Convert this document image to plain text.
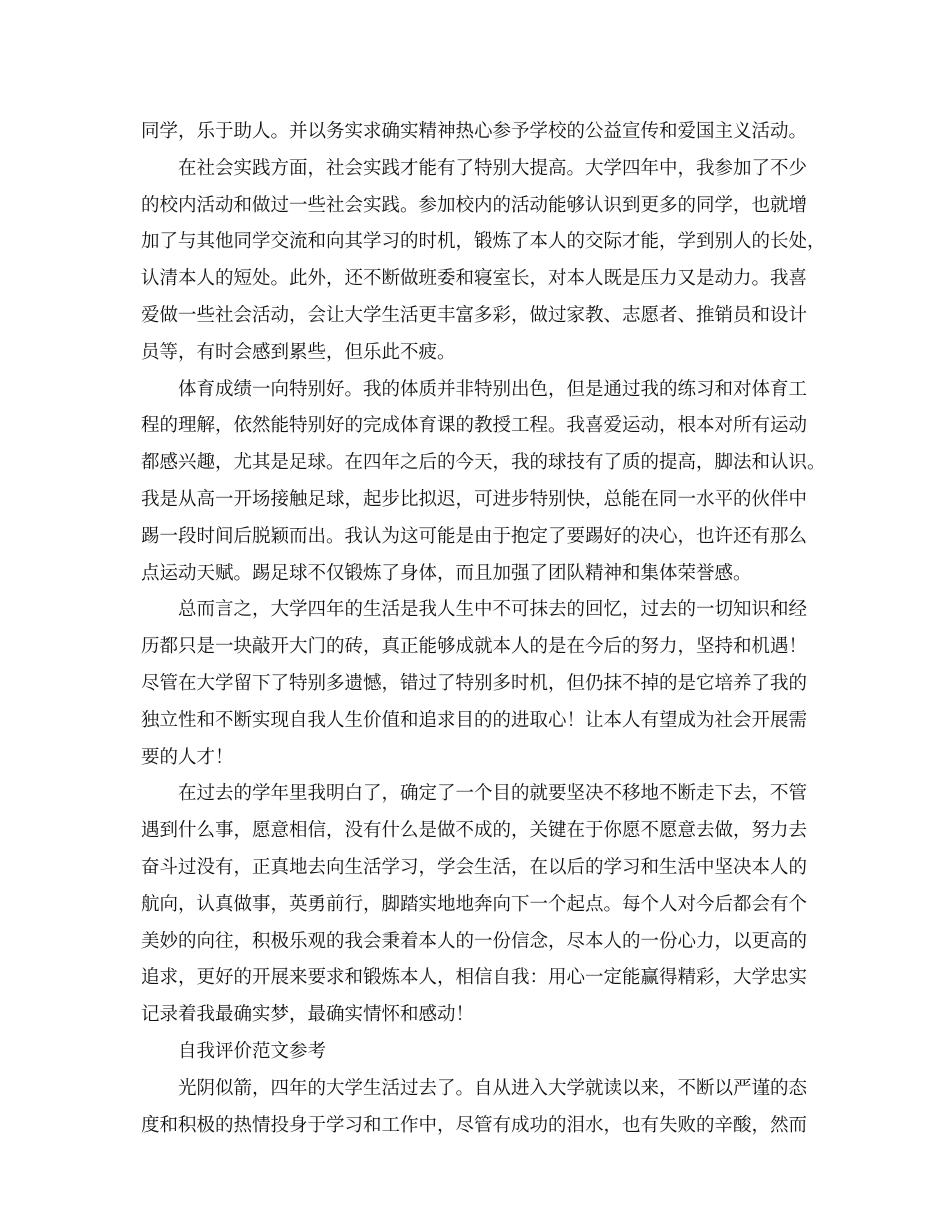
同学，乐于助人。并以务实求确实精神热心参予学校的公益宣传和爱国主义活动。
在社会实践方面，社会实践才能有了特别大提高。大学四年中，我参加了不少
的校内活动和做过一些社会实践。参加校内的活动能够认识到更多的同学，也就增
加了与其他同学交流和向其学习的时机，锻炼了本人的交际才能，学到别人的长处，
认清本人的短处。此外，还不断做班委和寝室长，对本人既是压力又是动力。我喜
爱做一些社会活动，会让大学生活更丰富多彩，做过家教、志愿者、推销员和设计
员等，有时会感到累些，但乐此不疲。
体育成绩一向特别好。我的体质并非特别出色，但是通过我的练习和对体育工
程的理解，依然能特别好的完成体育课的教授工程。我喜爱运动，根本对所有运动
都感兴趣，尤其是足球。在四年之后的今天，我的球技有了质的提高，脚法和认识。
我是从高一开场接触足球，起步比拟迟，可进步特别快，总能在同一水平的伙伴中
踢一段时间后脱颖而出。我认为这可能是由于抱定了要踢好的决心，也许还有那么
点运动天赋。踢足球不仅锻炼了身体，而且加强了团队精神和集体荣誉感。
总而言之，大学四年的生活是我人生中不可抹去的回忆，过去的一切知识和经
历都只是一块敲开大门的砖，真正能够成就本人的是在今后的努力，坚持和机遇！
尽管在大学留下了特别多遗憾，错过了特别多时机，但仍抹不掉的是它培养了我的
独立性和不断实现自我人生价值和追求目的的进取心！让本人有望成为社会开展需
要的人才！
在过去的学年里我明白了，确定了一个目的就要坚决不移地不断走下去，不管
遇到什么事，愿意相信，没有什么是做不成的，关键在于你愿不愿意去做，努力去
奋斗过没有，正真地去向生活学习，学会生活，在以后的学习和生活中坚决本人的
航向，认真做事，英勇前行，脚踏实地地奔向下一个起点。每个人对今后都会有个
美妙的向往，积极乐观的我会秉着本人的一份信念，尽本人的一份心力，以更高的
追求，更好的开展来要求和锻炼本人，相信自我：用心一定能赢得精彩，大学忠实
记录着我最确实梦，最确实情怀和感动！
自我评价范文参考
光阴似箭，四年的大学生活过去了。自从进入大学就读以来，不断以严谨的态
度和积极的热情投身于学习和工作中，尽管有成功的泪水，也有失败的辛酸，然而
